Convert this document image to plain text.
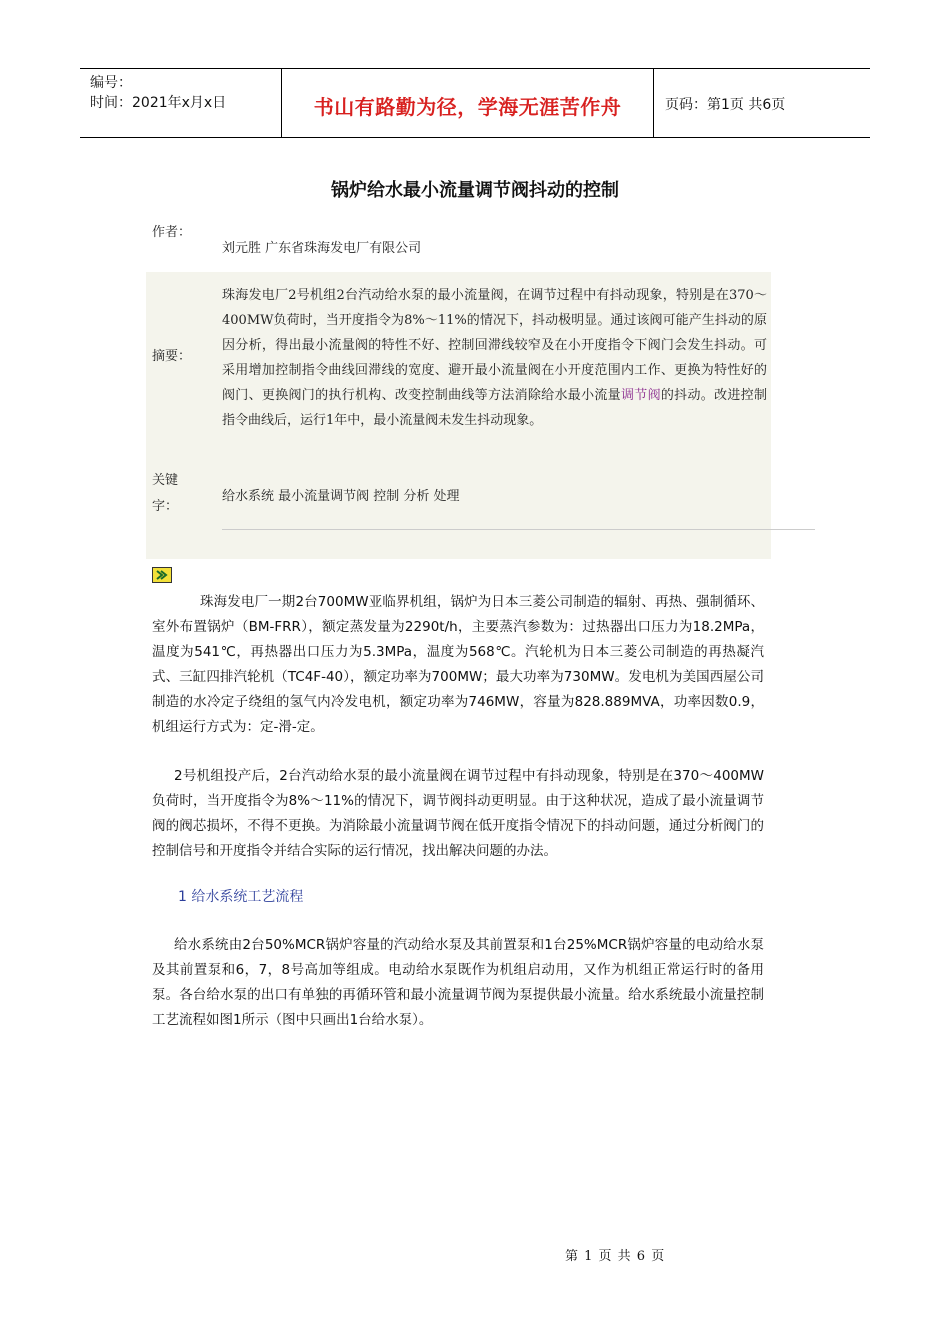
编号：
时间：2021年x月x日	书山有路勤为径，学海无涯苦作舟	页码：第1页 共6页
锅炉给水最小流量调节阀抖动的控制
作者：
刘元胜 广东省珠海发电厂有限公司
摘要：
珠海发电厂2号机组2台汽动给水泵的最小流量阀，在调节过程中有抖动现象，特别是在370～400MW负荷时，当开度指令为8%～11%的情况下，抖动极明显。通过该阀可能产生抖动的原因分析，得出最小流量阀的特性不好、控制回滞线较窄及在小开度指令下阀门会发生抖动。可采用增加控制指令曲线回滞线的宽度、避开最小流量阀在小开度范围内工作、更换为特性好的阀门、更换阀门的执行机构、改变控制曲线等方法消除给水最小流量调节阀的抖动。改进控制指令曲线后，运行1年中，最小流量阀未发生抖动现象。
关键字：
给水系统 最小流量调节阀 控制 分析 处理
珠海发电厂一期2台700MW亚临界机组，锅炉为日本三菱公司制造的辐射、再热、强制循环、室外布置锅炉（BM-FRR），额定蒸发量为2290t/h，主要蒸汽参数为：过热器出口压力为18.2MPa，温度为541℃，再热器出口压力为5.3MPa，温度为568℃。汽轮机为日本三菱公司制造的再热凝汽式、三缸四排汽轮机（TC4F-40），额定功率为700MW；最大功率为730MW。发电机为美国西屋公司制造的水冷定子绕组的氢气内冷发电机，额定功率为746MW，容量为828.889MVA，功率因数0.9，机组运行方式为：定-滑-定。
2号机组投产后，2台汽动给水泵的最小流量阀在调节过程中有抖动现象，特别是在370～400MW负荷时，当开度指令为8%～11%的情况下，调节阀抖动更明显。由于这种状况，造成了最小流量调节阀的阀芯损坏，不得不更换。为消除最小流量调节阀在低开度指令情况下的抖动问题，通过分析阀门的控制信号和开度指令并结合实际的运行情况，找出解决问题的办法。
1 给水系统工艺流程
给水系统由2台50%MCR锅炉容量的汽动给水泵及其前置泵和1台25%MCR锅炉容量的电动给水泵及其前置泵和6，7，8号高加等组成。电动给水泵既作为机组启动用，又作为机组正常运行时的备用泵。各台给水泵的出口有单独的再循环管和最小流量调节阀为泵提供最小流量。给水系统最小流量控制工艺流程如图1所示（图中只画出1台给水泵）。
第 1 页 共 6 页
